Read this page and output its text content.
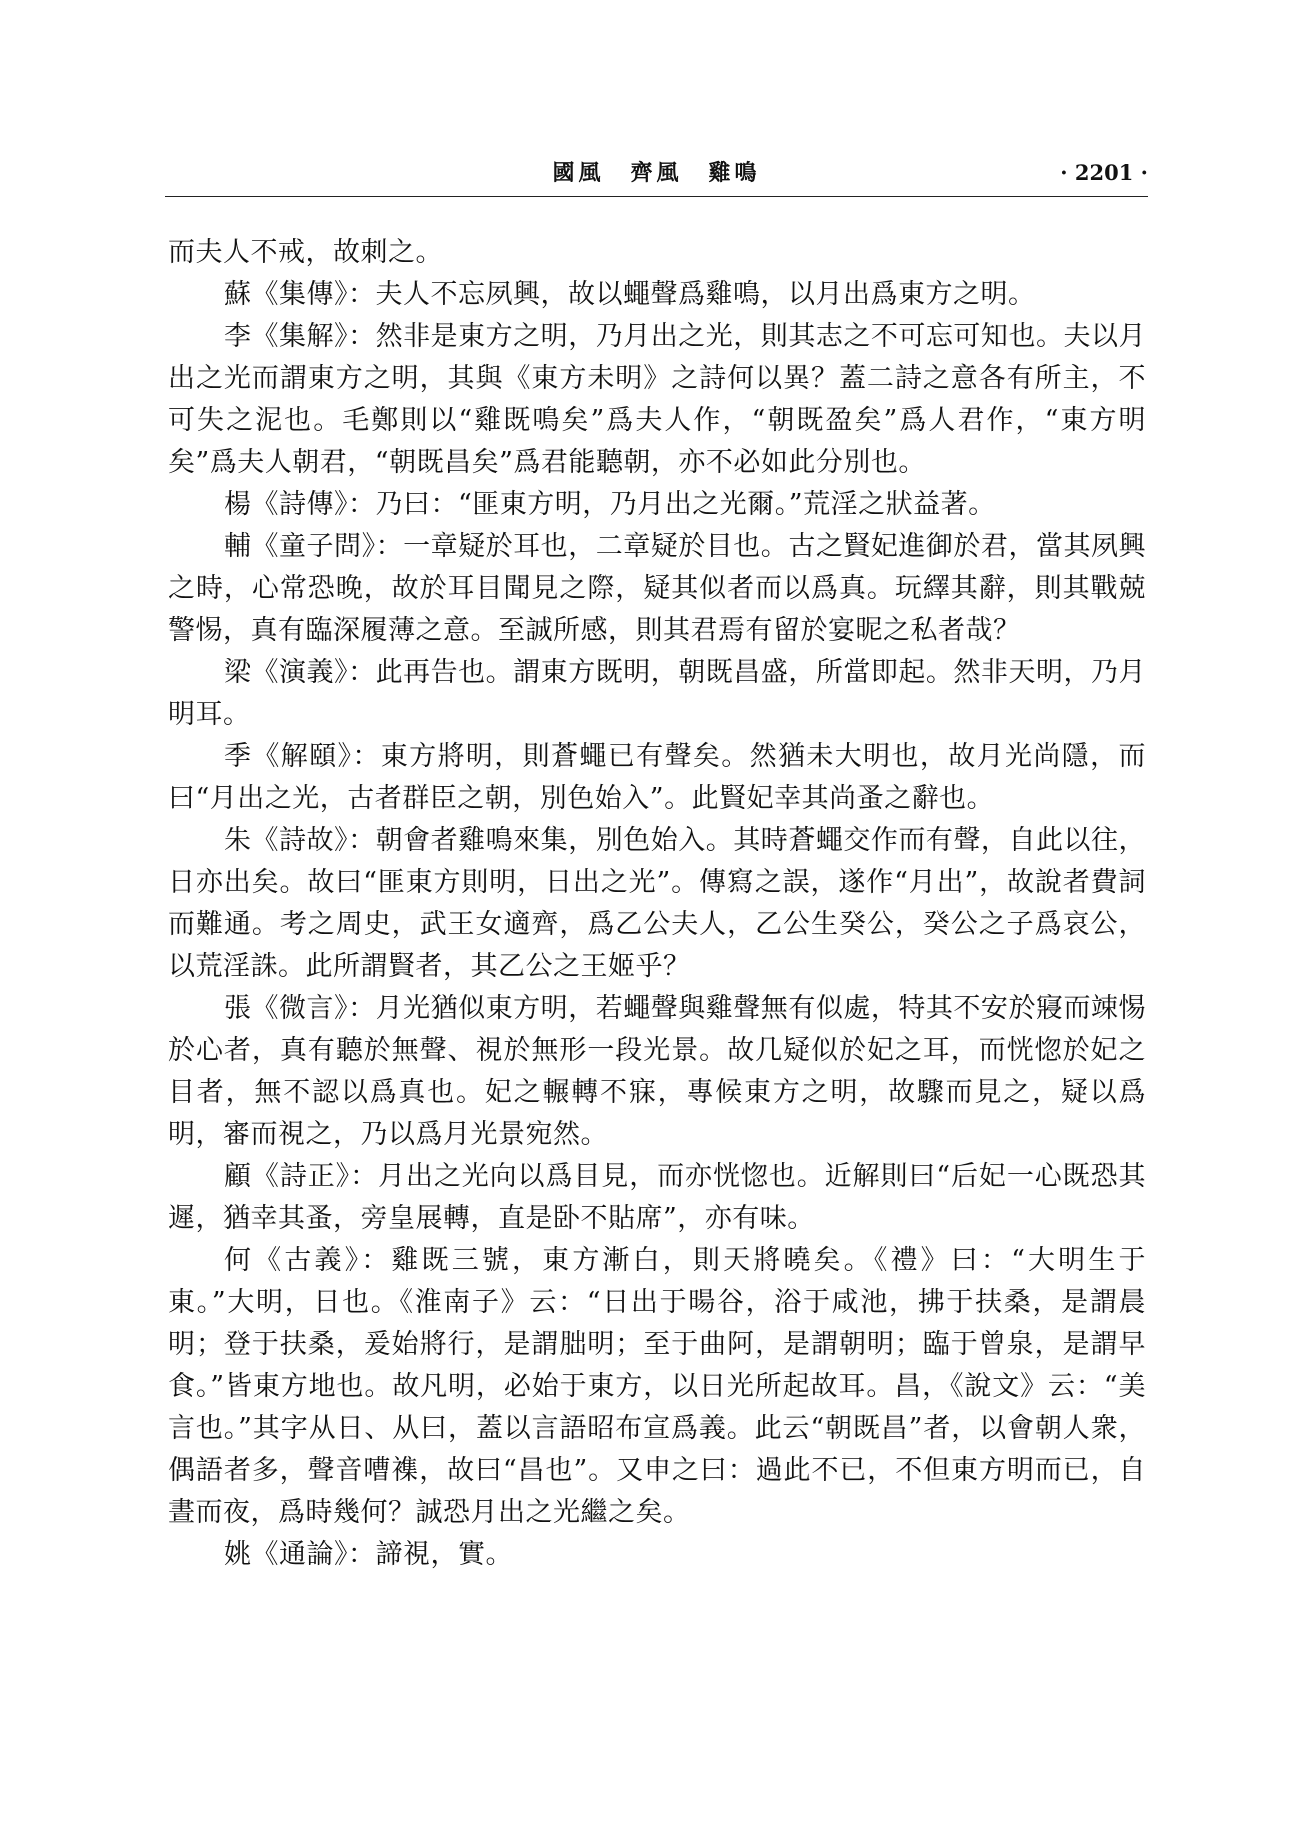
國風　齊風　雞鳴	· 2201 ·

而夫人不戒，故刺之。

蘇《集傳》：夫人不忘夙興，故以蠅聲爲雞鳴，以月出爲東方之明。

李《集解》：然非是東方之明，乃月出之光，則其志之不可忘可知也。夫以月出之光而謂東方之明，其與《東方未明》之詩何以異？蓋二詩之意各有所主，不可失之泥也。毛鄭則以“雞既鳴矣”爲夫人作，“朝既盈矣”爲人君作，“東方明矣”爲夫人朝君，“朝既昌矣”爲君能聽朝，亦不必如此分別也。

楊《詩傳》：乃曰：“匪東方明，乃月出之光爾。”荒淫之狀益著。

輔《童子問》：一章疑於耳也，二章疑於目也。古之賢妃進御於君，當其夙興之時，心常恐晚，故於耳目聞見之際，疑其似者而以爲真。玩繹其辭，則其戰兢警惕，真有臨深履薄之意。至誠所感，則其君焉有留於宴昵之私者哉？

梁《演義》：此再告也。謂東方既明，朝既昌盛，所當即起。然非天明，乃月明耳。

季《解頤》：東方將明，則蒼蠅已有聲矣。然猶未大明也，故月光尚隱，而曰“月出之光，古者群臣之朝，別色始入”。此賢妃幸其尚蚤之辭也。

朱《詩故》：朝會者雞鳴來集，別色始入。其時蒼蠅交作而有聲，自此以往，日亦出矣。故曰“匪東方則明，日出之光”。傳寫之誤，遂作“月出”，故說者費詞而難通。考之周史，武王女適齊，爲乙公夫人，乙公生癸公，癸公之子爲哀公，以荒淫誅。此所謂賢者，其乙公之王姬乎？

張《微言》：月光猶似東方明，若蠅聲與雞聲無有似處，特其不安於寢而竦惕於心者，真有聽於無聲、視於無形一段光景。故几疑似於妃之耳，而恍惚於妃之目者，無不認以爲真也。妃之輾轉不寐，專候東方之明，故驟而見之，疑以爲明，審而視之，乃以爲月光景宛然。

顧《詩正》：月出之光向以爲目見，而亦恍惚也。近解則曰“后妃一心既恐其遲，猶幸其蚤，旁皇展轉，直是卧不貼席”，亦有味。

何《古義》：雞既三號，東方漸白，則天將曉矣。《禮》曰：“大明生于東。”大明，日也。《淮南子》云：“日出于暘谷，浴于咸池，拂于扶桑，是謂晨明；登于扶桑，爰始將行，是謂朏明；至于曲阿，是謂朝明；臨于曾泉，是謂早食。”皆東方地也。故凡明，必始于東方，以日光所起故耳。昌，《說文》云：“美言也。”其字从日、从曰，蓋以言語昭布宣爲義。此云“朝既昌”者，以會朝人衆，偶語者多，聲音嘈襍，故曰“昌也”。又申之曰：過此不已，不但東方明而已，自晝而夜，爲時幾何？誠恐月出之光繼之矣。

姚《通論》：諦視，實。
